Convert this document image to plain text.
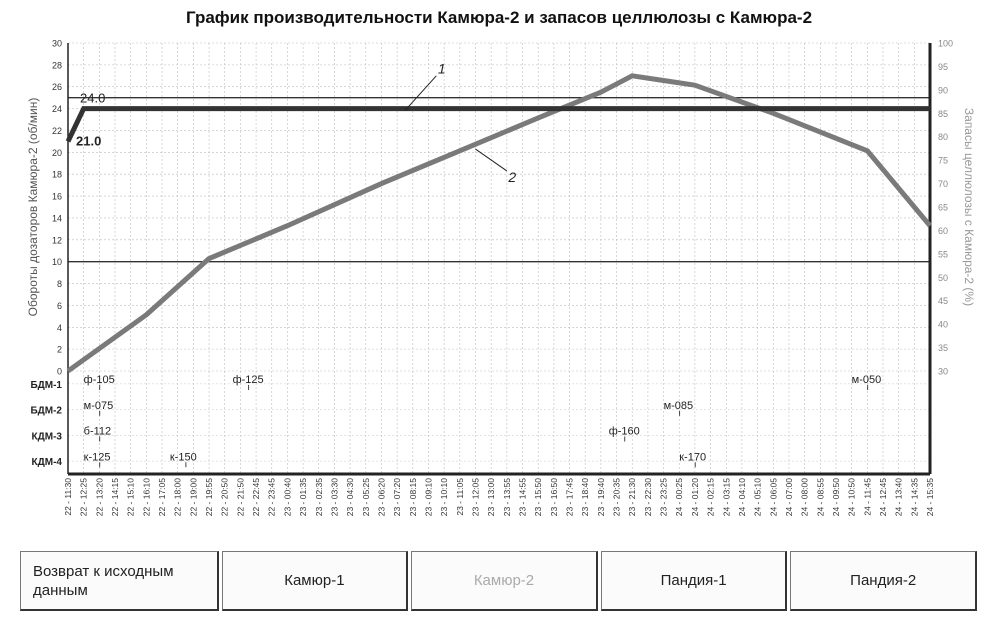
График производительности Камюра-2 и запасов целлюлозы с Камюра-2
БДМ-1
БДМ-2
КДМ-3
КДМ-4
0
2
4
6
8
10
12
14
16
18
20
22
24
26
28
30
30
35
40
45
50
55
60
65
70
75
80
85
90
95
100
Обороты дозаторов Камюра-2 (об/мин)	Запасы целлюлозы с Камюра-2 (%)
22 - 11:30 22 - 12:25 22 - 13:20 22 - 14:15 22 - 15:10 22 - 16:10 22 - 17:05 22 - 18:00 22 - 19:00 22 - 19:55 22 - 20:50 22 - 21:50 22 - 22:45 22 - 23:45 23 - 00:40 23 - 01:35 23 - 02:35 23 - 03:30 23 - 04:30 23 - 05:25 23 - 06:20 23 - 07:20 23 - 08:15 23 - 09:10 23 - 10:10 23 - 11:05 23 - 12:05 23 - 13:00 23 - 13:55 23 - 14:55 23 - 15:50 23 - 16:50 23 - 17:45 23 - 18:40 23 - 19:40 23 - 20:35 23 - 21:30 23 - 22:30 23 - 23:25 24 - 00:25 24 - 01:20 24 - 02:15 24 - 03:15 24 - 04:10 24 - 05:10 24 - 06:05 24 - 07:00 24 - 08:00 24 - 08:55 24 - 09:50 24 - 10:50 24 - 11:45 24 - 12:45 24 - 13:40 24 - 14:35 24 - 15:35
24.0
21.0
1
2
ф-105	ф-125	м-050
м-075	м-085
б-112	ф-160
к-125	к-150	к-170
Возврат к исходным данным
Камюр-1	Камюр-2	Пандия-1	Пандия-2
